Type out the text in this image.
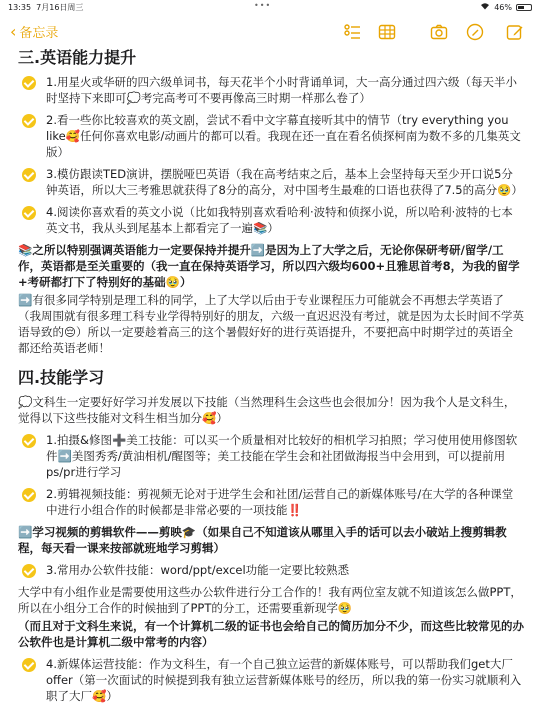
13:35 7月16日周三	•••	46%
‹ 备忘录
三.英语能力提升
1.用星火或华研的四六级单词书，每天花半个小时背诵单词，大一高分通过四六级（每天半小时坚持下来即可💭考完高考可不要再像高三时期一样那么卷了）
2.看一些你比较喜欢的英文剧，尝试不看中文字幕直接听其中的情节（try everything you like🥰任何你喜欢电影/动画片的都可以看。我现在还一直在看名侦探柯南为数不多的几集英文版）
3.模仿跟读TED演讲，摆脱哑巴英语（我在高考结束之后，基本上会坚持每天至少开口说5分钟英语，所以大三考雅思就获得了8分的高分，对中国考生最难的口语也获得了7.5的高分🥹）
4.阅读你喜欢看的英文小说（比如我特别喜欢看哈利·波特和侦探小说，所以哈利·波特的七本英文书，我从头到尾基本上都看完了一遍📚）
📚之所以特别强调英语能力一定要保持并提升➡️是因为上了大学之后，无论你保研考研/留学/工作，英语都是至关重要的（我一直在保持英语学习，所以四六级均600+且雅思首考8，为我的留学+考研都打下了特别好的基础🥹）
➡️有很多同学特别是理工科的同学，上了大学以后由于专业课程压力可能就会不再想去学英语了（我周围就有很多理工科专业学得特别好的朋友，六级一直迟迟没有考过，就是因为太长时间不学英语导致的😔）所以一定要趁着高三的这个暑假好好的进行英语提升，不要把高中时期学过的英语全都还给英语老师！
四.技能学习
💭文科生一定要好好学习并发展以下技能（当然理科生会这些也会很加分！因为我个人是文科生，觉得以下这些技能对文科生相当加分🥰）
1.拍摄&修图➕美工技能：可以买一个质量相对比较好的相机学习拍照；学习使用使用修图软件➡️美图秀秀/黄油相机/醒图等；美工技能在学生会和社团做海报当中会用到，可以提前用ps/pr进行学习
2.剪辑视频技能：剪视频无论对于进学生会和社团/运营自己的新媒体账号/在大学的各种课堂中进行小组合作的时候都是非常必要的一项技能‼️
➡️学习视频的剪辑软件——剪映🎓（如果自己不知道该从哪里入手的话可以去小破站上搜剪辑教程，每天看一课来按部就班地学习剪辑）
3.常用办公软件技能：word/ppt/excel功能一定要比较熟悉
大学中有小组作业是需要使用这些办公软件进行分工合作的！我有两位室友就不知道该怎么做PPT，所以在小组分工合作的时候抽到了PPT的分工，还需要重新现学🥹
（而且对于文科生来说，有一个计算机二级的证书也会给自己的简历加分不少，而这些比较常见的办公软件也是计算机二级中常考的内容）
4.新媒体运营技能：作为文科生，有一个自己独立运营的新媒体账号，可以帮助我们get大厂offer（第一次面试的时候提到我有独立运营新媒体账号的经历，所以我的第一份实习就顺利入职了大厂🥰）
